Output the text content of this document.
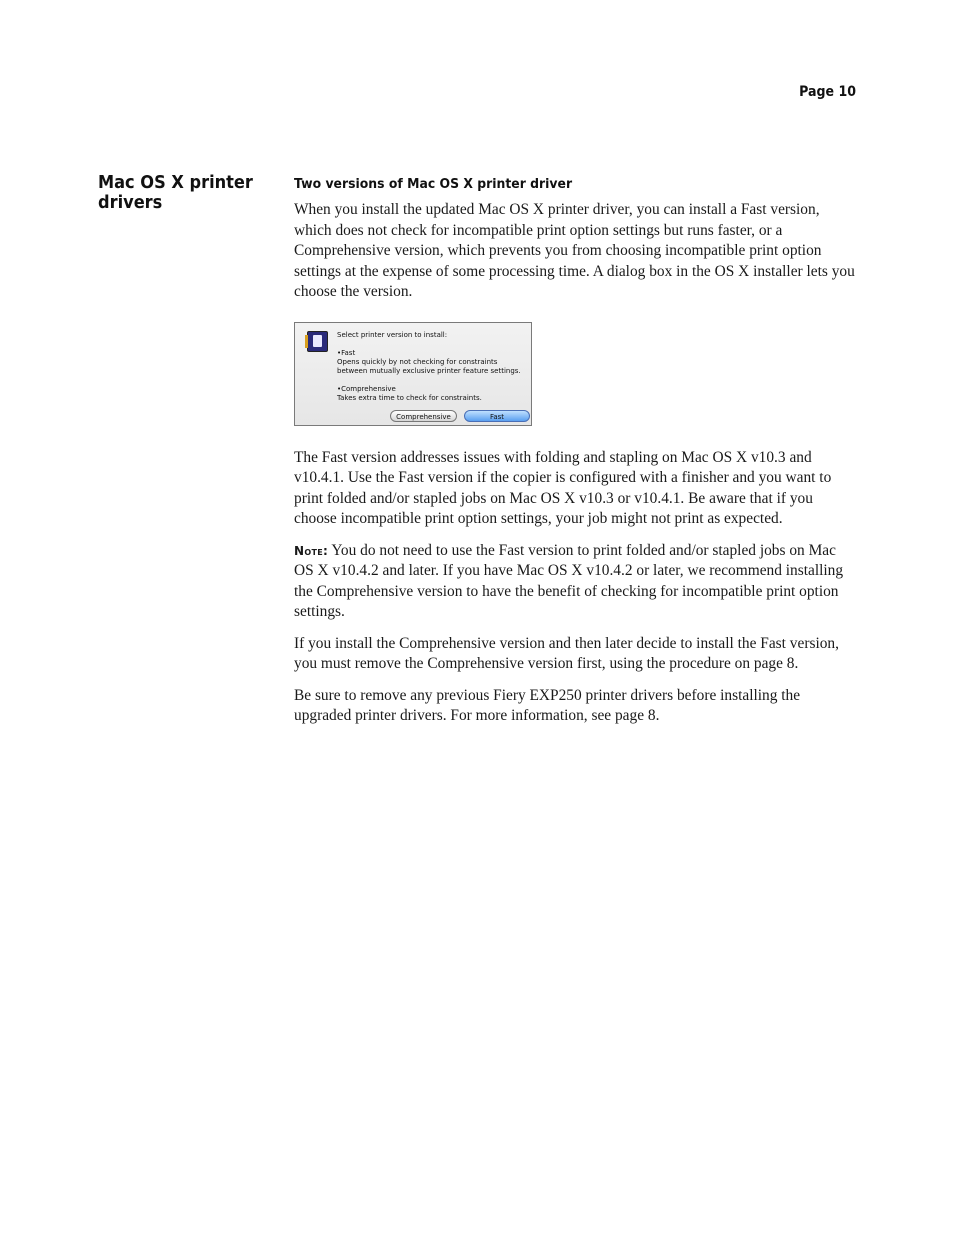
Page 10
Mac OS X printer drivers
Two versions of Mac OS X printer driver

When you install the updated Mac OS X printer driver, you can install a Fast version, which does not check for incompatible print option settings but runs faster, or a Comprehensive version, which prevents you from choosing incompatible print option settings at the expense of some processing time. A dialog box in the OS X installer lets you choose the version.

Select printer version to install:
•Fast
Opens quickly by not checking for constraints
between mutually exclusive printer feature settings.
•Comprehensive
Takes extra time to check for constraints.
Comprehensive	Fast

The Fast version addresses issues with folding and stapling on Mac OS X v10.3 and v10.4.1. Use the Fast version if the copier is configured with a finisher and you want to print folded and/or stapled jobs on Mac OS X v10.3 or v10.4.1. Be aware that if you choose incompatible print option settings, your job might not print as expected.

Note: You do not need to use the Fast version to print folded and/or stapled jobs on Mac OS X v10.4.2 and later. If you have Mac OS X v10.4.2 or later, we recommend installing the Comprehensive version to have the benefit of checking for incompatible print option settings.

If you install the Comprehensive version and then later decide to install the Fast version, you must remove the Comprehensive version first, using the procedure on page 8.

Be sure to remove any previous Fiery EXP250 printer drivers before installing the upgraded printer drivers. For more information, see page 8.
